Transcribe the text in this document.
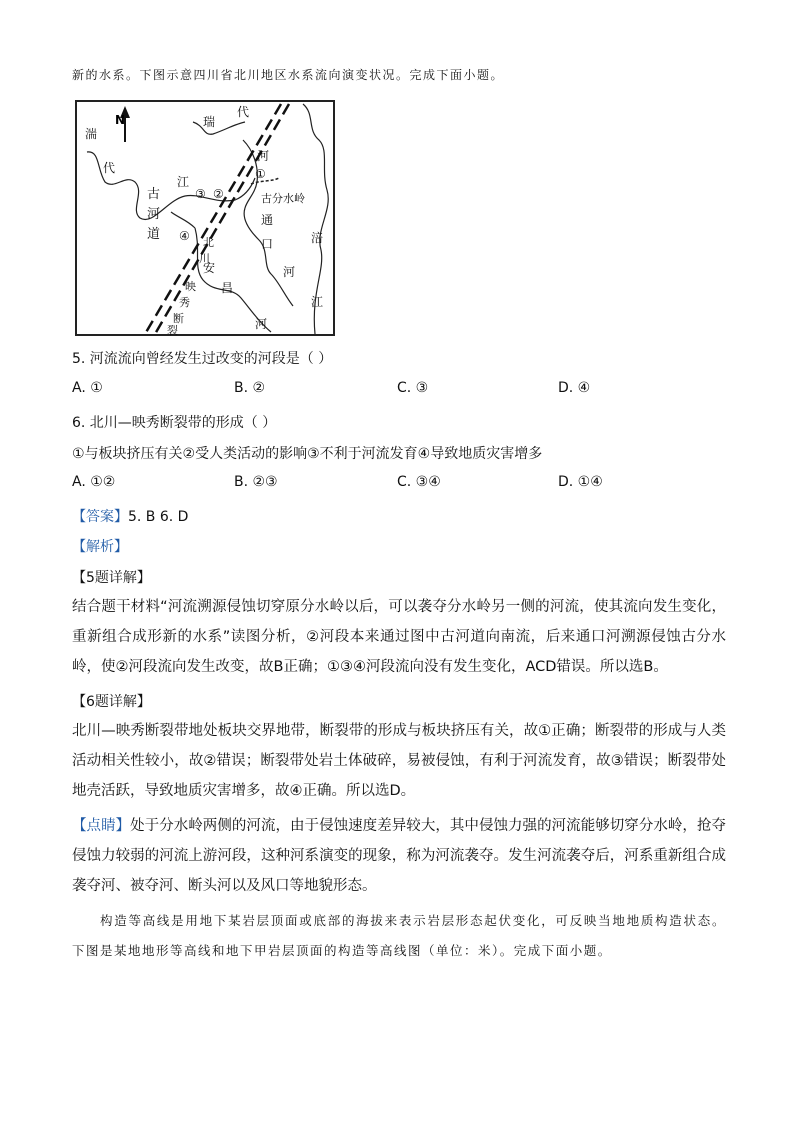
新的水系。下图示意四川省北川地区水系流向演变状况。完成下面小题。
N
湍
代
瑞
代
江
古
河
道
③ ②
①
④
河
古分水岭
通
口
河
涪
江
安
昌
河
北
川
映
秀
断
裂
5. 河流流向曾经发生过改变的河段是（ ）
A. ①	B. ②	C. ③	D. ④
6. 北川—映秀断裂带的形成（ ）
①与板块挤压有关②受人类活动的影响③不利于河流发育④导致地质灾害增多
A. ①②	B. ②③	C. ③④	D. ①④
【答案】5. B 6. D
【解析】
【5题详解】
结合题干材料“河流溯源侵蚀切穿原分水岭以后，可以袭夺分水岭另一侧的河流，使其流向发生变化，重新组合成形新的水系”读图分析，②河段本来通过图中古河道向南流，后来通口河溯源侵蚀古分水岭，使②河段流向发生改变，故B正确；①③④河段流向没有发生变化，ACD错误。所以选B。
【6题详解】
北川—映秀断裂带地处板块交界地带，断裂带的形成与板块挤压有关，故①正确；断裂带的形成与人类活动相关性较小，故②错误；断裂带处岩土体破碎，易被侵蚀，有利于河流发育，故③错误；断裂带处地壳活跃，导致地质灾害增多，故④正确。所以选D。
【点睛】处于分水岭两侧的河流，由于侵蚀速度差异较大，其中侵蚀力强的河流能够切穿分水岭，抢夺侵蚀力较弱的河流上游河段，这种河系演变的现象，称为河流袭夺。发生河流袭夺后，河系重新组合成袭夺河、被夺河、断头河以及风口等地貌形态。
构造等高线是用地下某岩层顶面或底部的海拔来表示岩层形态起伏变化，可反映当地地质构造状态。下图是某地地形等高线和地下甲岩层顶面的构造等高线图（单位：米）。完成下面小题。
